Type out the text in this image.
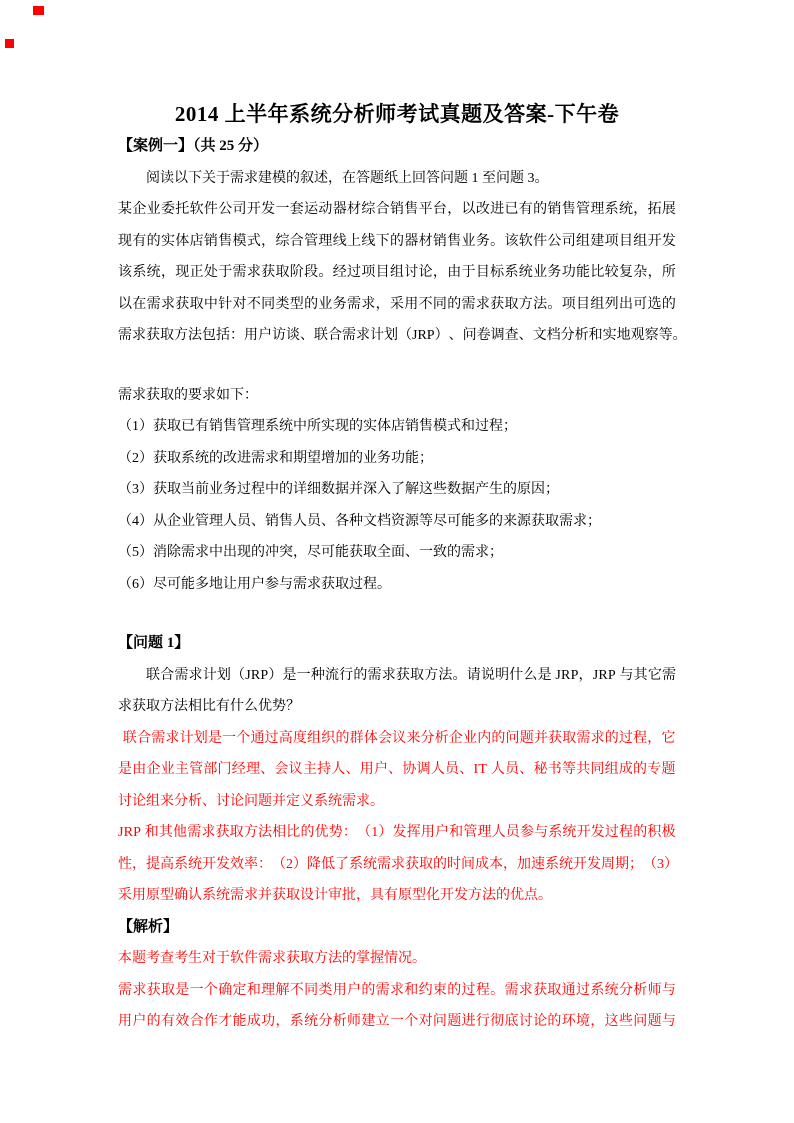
2014 上半年系统分析师考试真题及答案-下午卷
【案例一】（共 25 分）
阅读以下关于需求建模的叙述，在答题纸上回答问题 1 至问题 3。
某 企 业 委 托 软 件 公 司 开 发 一 套 运 动 器 材 综 合 销 售 平 台 ， 以 改 进 已 有 的 销 售 管 理 系 统 ， 拓 展
现 有 的 实 体 店 销 售 模 式 ， 综 合 管 理 线 上 线 下 的 器 材 销 售 业 务 。 该 软 件 公 司 组 建 项 目 组 开 发
该 系 统 ， 现 正 处 于 需 求 获 取 阶 段 。 经 过 项 目 组 讨 论 ， 由 于 目 标 系 统 业 务 功 能 比 较 复 杂 ， 所
以 在 需 求 获 取 中 针 对 不 同 类 型 的 业 务 需 求 ， 采 用 不 同 的 需 求 获 取 方 法 。 项 目 组 列 出 可 选 的
需 求 获 取 方 法 包 括 ： 用 户 访 谈 、 联 合 需 求 计 划 （ J R P ） 、 问 卷 调 查 、 文 档 分 析 和 实 地 观 察 等 。
需求获取的要求如下：
（1）获取已有销售管理系统中所实现的实体店销售模式和过程；
（2）获取系统的改进需求和期望增加的业务功能；
（3）获取当前业务过程中的详细数据并深入了解这些数据产生的原因；
（4）从企业管理人员、销售人员、各种文档资源等尽可能多的来源获取需求；
（5）消除需求中出现的冲突，尽可能获取全面、一致的需求；
（6）尽可能多地让用户参与需求获取过程。
【问题 1】
联 合 需 求 计 划 （ J R P ） 是 一 种 流 行 的 需 求 获 取 方 法 。 请 说 明 什 么 是
J R P ， J R P
与 其 它 需
求获取方法相比有什么优势？
联 合 需 求 计 划 是 一 个 通 过 高 度 组 织 的 群 体 会 议 来 分 析 企 业 内 的 问 题 并 获 取 需 求 的 过 程 ， 它
是 由 企 业 主 管 部 门 经 理 、 会 议 主 持 人 、 用 户 、 协 调 人 员 、 I T
人 员 、 秘 书 等 共 同 组 成 的 专 题
讨论组来分析、讨论问题并定义系统需求。
J R P
和 其 他 需 求 获 取 方 法 相 比 的 优 势 ： （ 1 ） 发 挥 用 户 和 管 理 人 员 参 与 系 统 开 发 过 程 的 积 极
性 ， 提 高 系 统 开 发 效 率 ： （ 2 ） 降 低 了 系 统 需 求 获 取 的 时 间 成 本 ， 加 速 系 统 开 发 周 期 ； （ 3 ）
采用原型确认系统需求并获取设计审批，具有原型化开发方法的优点。
【解析】
本题考查考生对于软件需求获取方法的掌握情况。
需 求 获 取 是 一 个 确 定 和 理 解 不 同 类 用 户 的 需 求 和 约 束 的 过 程 。 需 求 获 取 通 过 系 统 分 析 师 与
用 户 的 有 效 合 作 才 能 成 功 ， 系 统 分 析 师 建 立 一 个 对 问 题 进 行 彻 底 讨 论 的 环 境 ， 这 些 问 题 与
